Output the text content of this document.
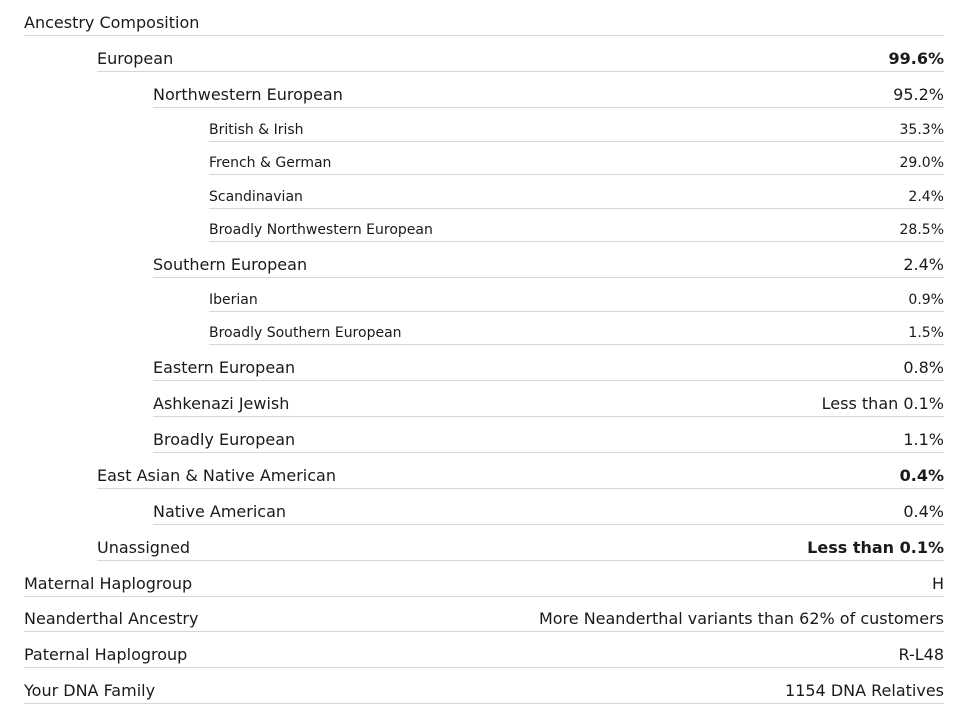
Ancestry Composition
European	99.6%
Northwestern European	95.2%
British & Irish	35.3%
French & German	29.0%
Scandinavian	2.4%
Broadly Northwestern European	28.5%
Southern European	2.4%
Iberian	0.9%
Broadly Southern European	1.5%
Eastern European	0.8%
Ashkenazi Jewish	Less than 0.1%
Broadly European	1.1%
East Asian & Native American	0.4%
Native American	0.4%
Unassigned	Less than 0.1%
Maternal Haplogroup	H
Neanderthal Ancestry	More Neanderthal variants than 62% of customers
Paternal Haplogroup	R-L48
Your DNA Family	1154 DNA Relatives
